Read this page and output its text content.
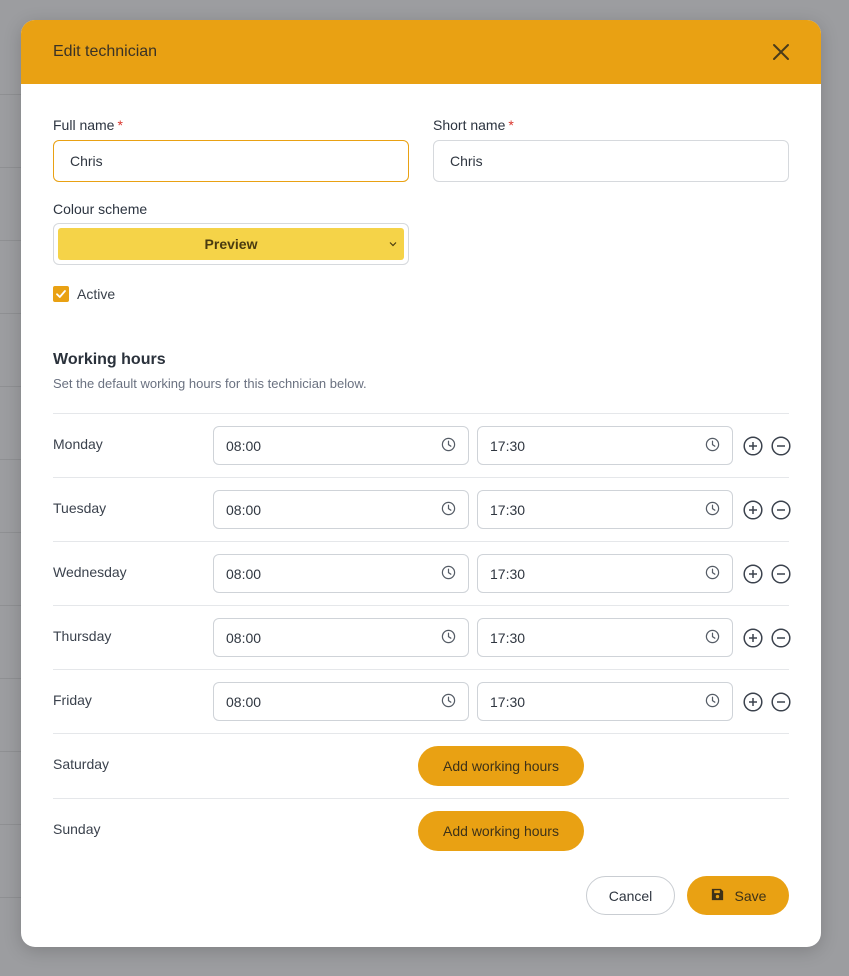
Edit technician
Full name *
Chris	Short name *
Chris
Colour scheme
Preview
Active
Working hours
Set the default working hours for this technician below.
Monday	08:00	17:30
Tuesday	08:00	17:30
Wednesday	08:00	17:30
Thursday	08:00	17:30
Friday	08:00	17:30
Saturday	Add working hours
Sunday	Add working hours
Cancel	Save
